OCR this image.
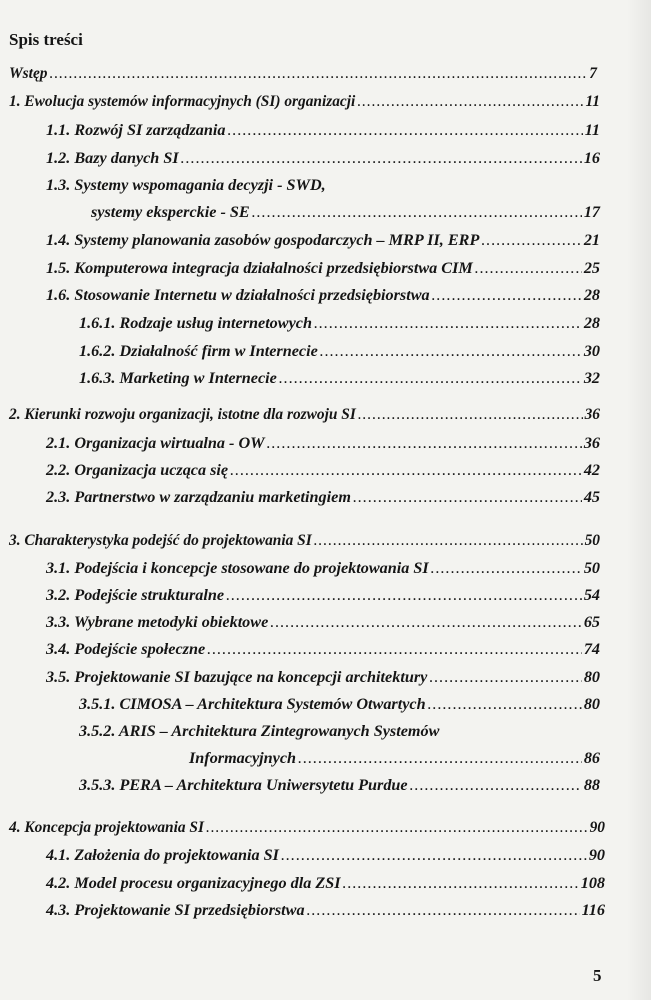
Spis treści
Wstęp .....	7
1. Ewolucja systemów informacyjnych (SI) organizacji .....	11
1.1. Rozwój SI zarządzania .....	11
1.2. Bazy danych SI .....	16
1.3. Systemy wspomagania decyzji - SWD,
systemy eksperckie - SE .....	17
1.4. Systemy planowania zasobów gospodarczych – MRP II, ERP .....	21
1.5. Komputerowa integracja działalności przedsiębiorstwa CIM .....	25
1.6. Stosowanie Internetu w działalności przedsiębiorstwa .....	28
1.6.1. Rodzaje usług internetowych .....	28
1.6.2. Działalność firm w Internecie .....	30
1.6.3. Marketing w Internecie .....	32
2. Kierunki rozwoju organizacji, istotne dla rozwoju SI .....	36
2.1. Organizacja wirtualna - OW .....	36
2.2. Organizacja ucząca się .....	42
2.3. Partnerstwo w zarządzaniu marketingiem .....	45
3. Charakterystyka podejść do projektowania SI .....	50
3.1. Podejścia i koncepcje stosowane do projektowania SI .....	50
3.2. Podejście strukturalne .....	54
3.3. Wybrane metodyki obiektowe .....	65
3.4. Podejście społeczne .....	74
3.5. Projektowanie SI bazujące na koncepcji architektury .....	80
3.5.1. CIMOSA – Architektura Systemów Otwartych .....	80
3.5.2. ARIS – Architektura Zintegrowanych Systemów
Informacyjnych .....	86
3.5.3. PERA – Architektura Uniwersytetu Purdue .....	88
4. Koncepcja projektowania SI .....	90
4.1. Założenia do projektowania SI .....	90
4.2. Model procesu organizacyjnego dla ZSI .....	108
4.3. Projektowanie SI przedsiębiorstwa .....	116
5
